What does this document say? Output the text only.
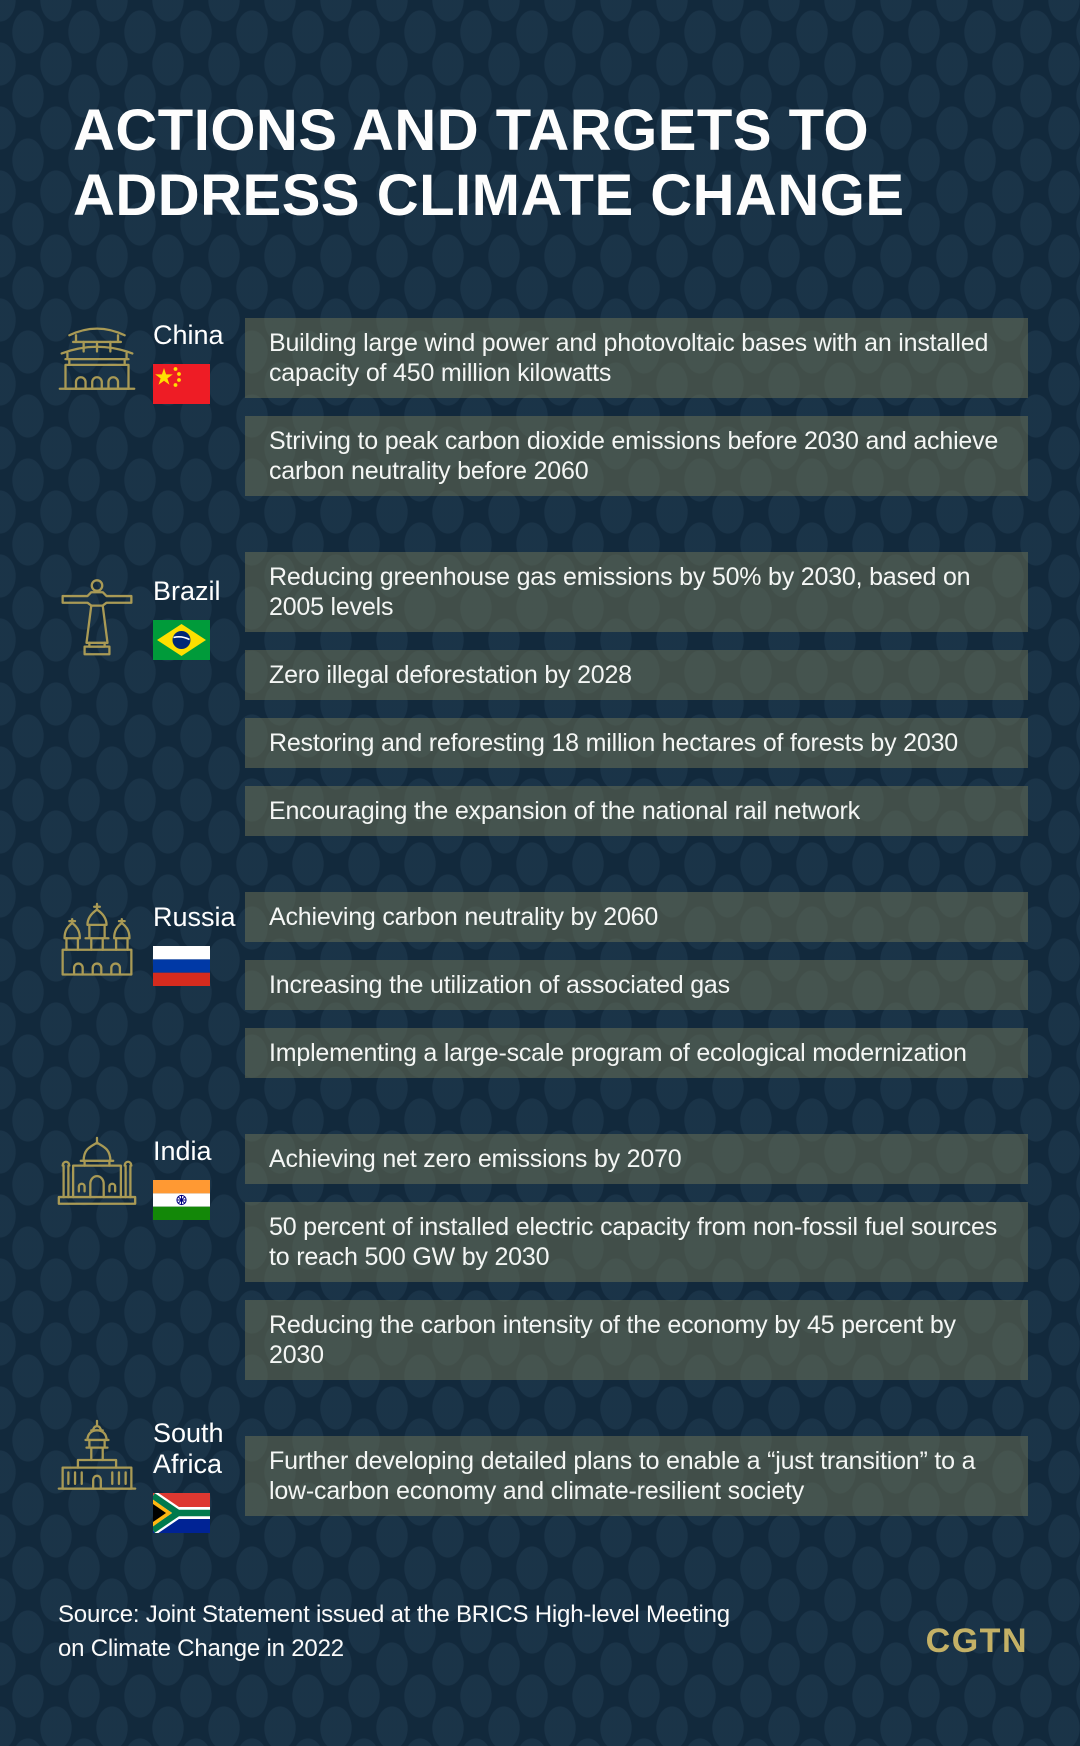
ACTIONS AND TARGETS TO
ADDRESS CLIMATE CHANGE
China	Building large wind power and photovoltaic bases with an installed capacity of 450 million kilowatts
Striving to peak carbon dioxide emissions before 2030 and achieve carbon neutrality before 2060
Brazil	Reducing greenhouse gas emissions by 50% by 2030, based on 2005 levels
Zero illegal deforestation by 2028
Restoring and reforesting 18 million hectares of forests by 2030
Encouraging the expansion of the national rail network
Russia	Achieving carbon neutrality by 2060
Increasing the utilization of associated gas
Implementing a large-scale program of ecological modernization
India	Achieving net zero emissions by 2070
50 percent of installed electric capacity from non-fossil fuel sources to reach 500 GW by 2030
Reducing the carbon intensity of the economy by 45 percent by 2030
South Africa	Further developing detailed plans to enable a “just transition” to a low-carbon economy and climate-resilient society
Source: Joint Statement issued at the BRICS High-level Meeting
on Climate Change in 2022	CGTN
